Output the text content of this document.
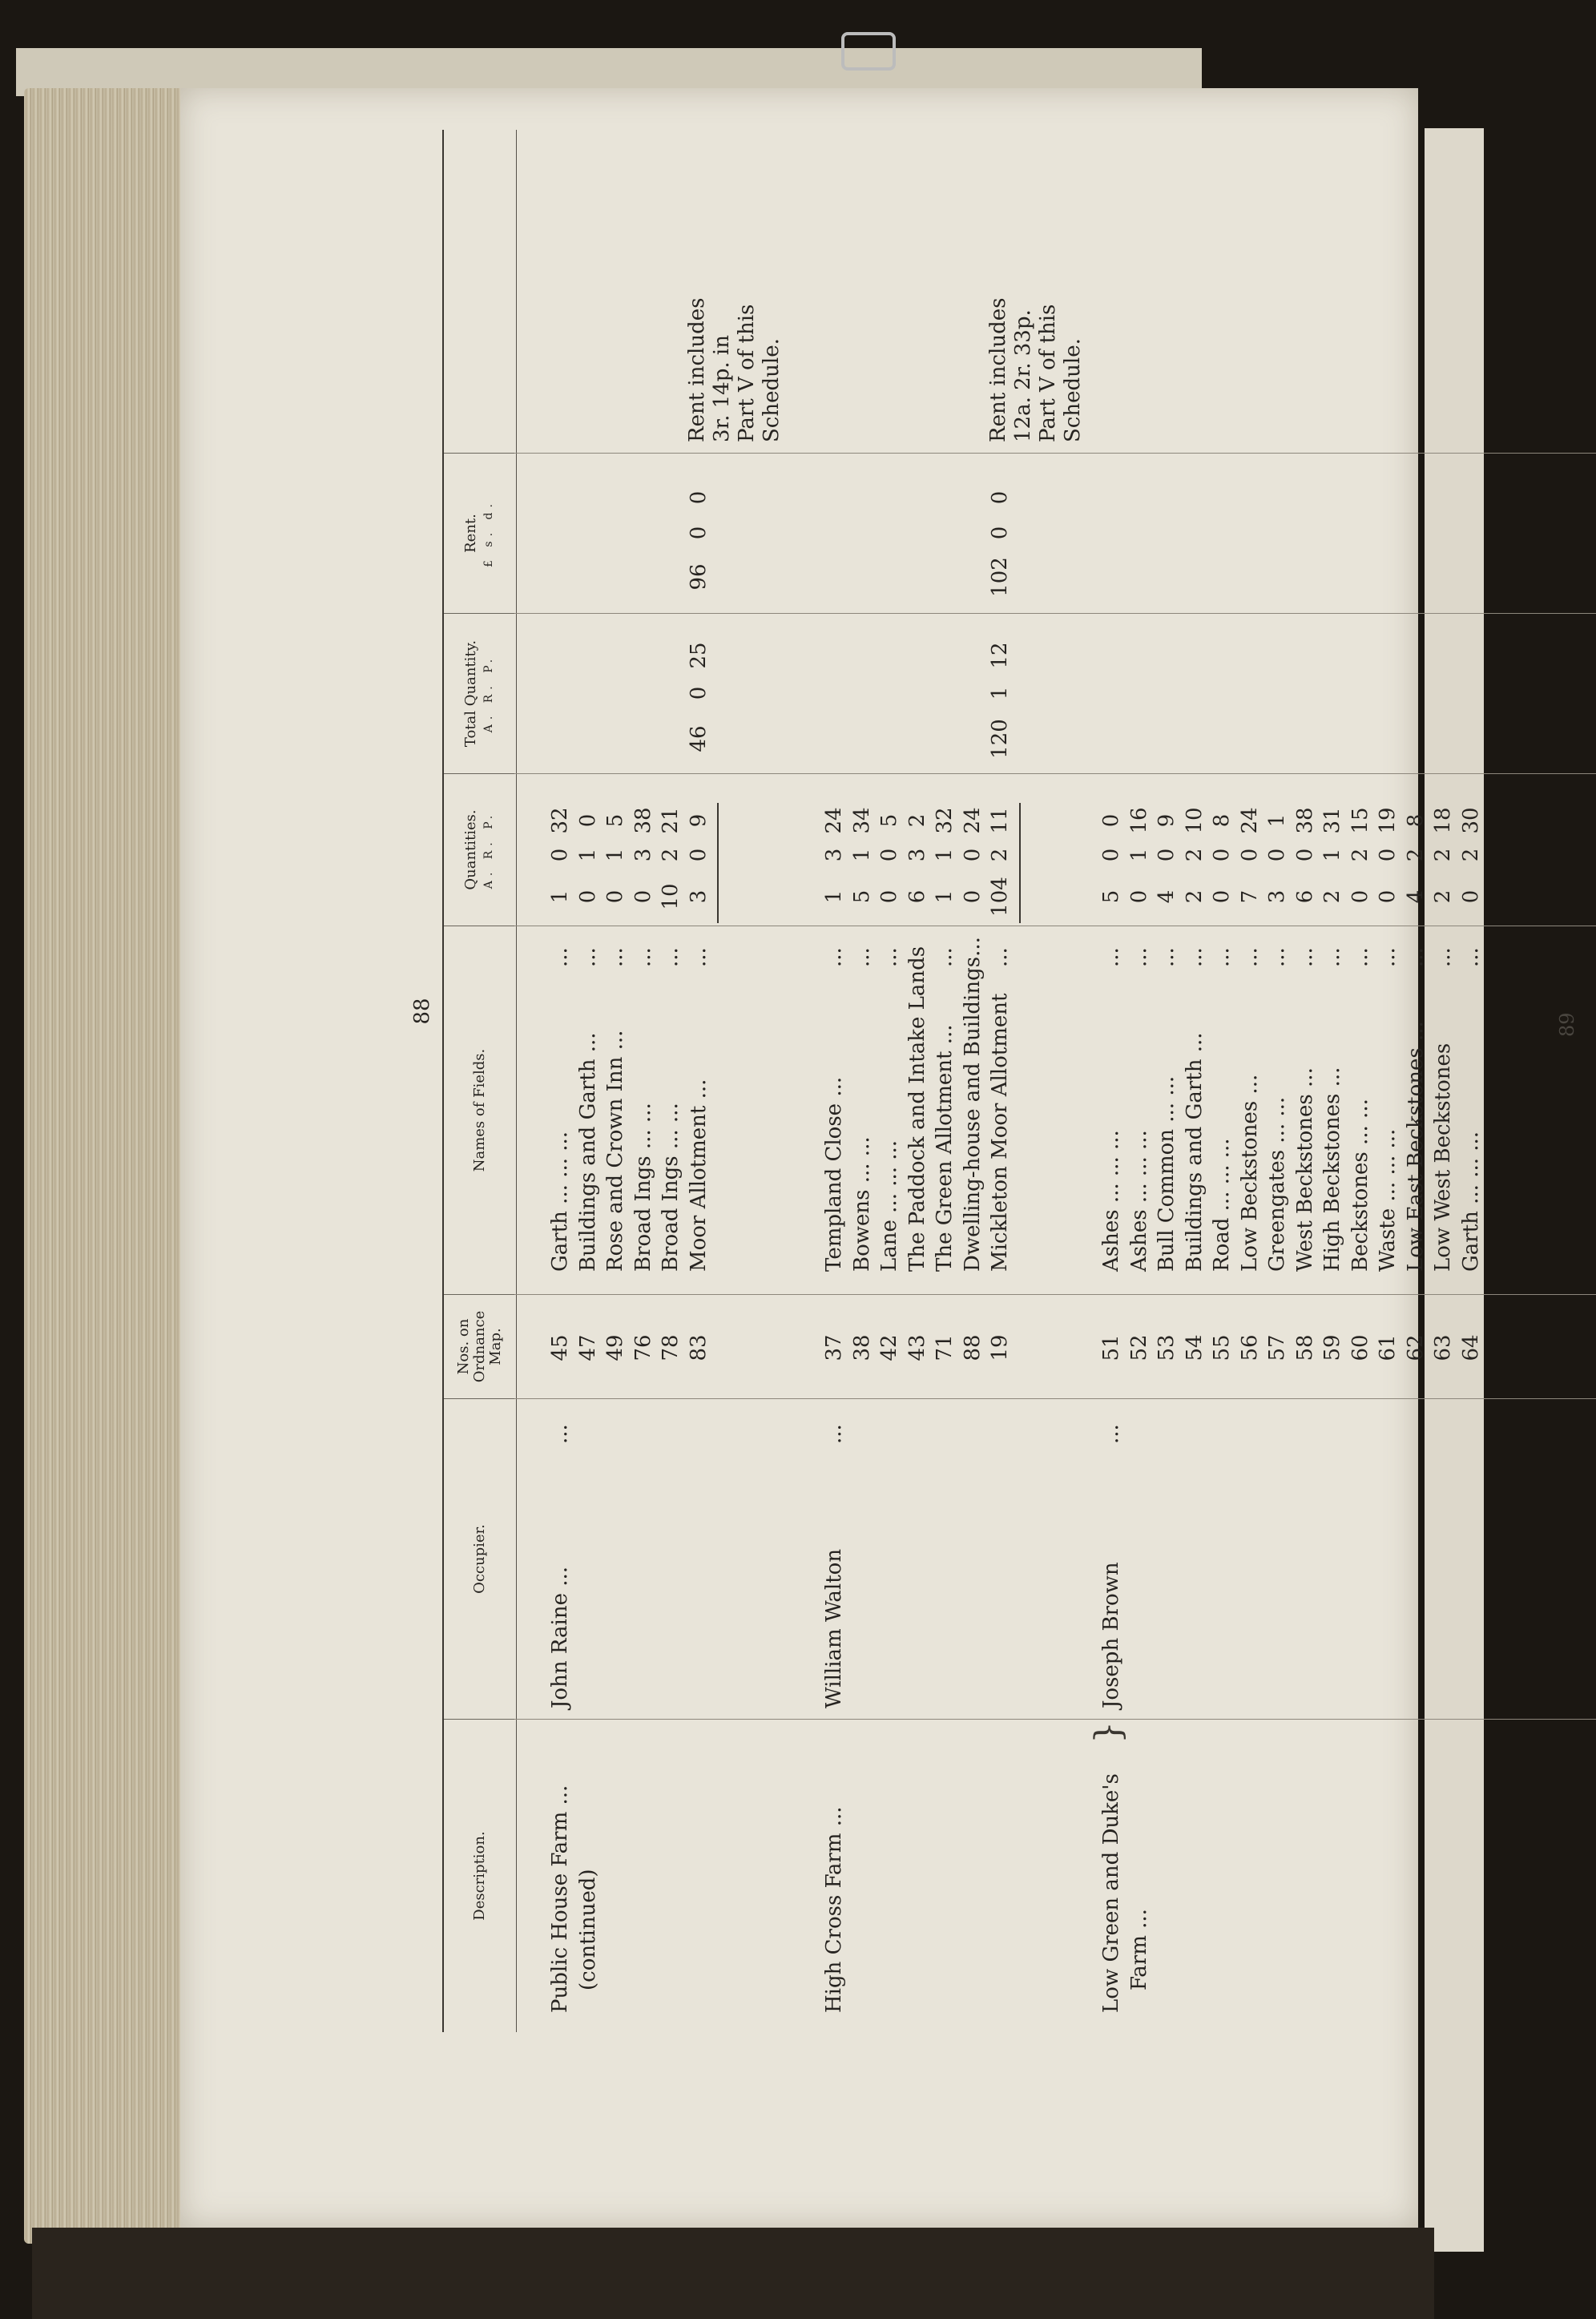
88
Description.
Occupier.
Nos. on Ordnance Map.
Names of Fields.
Quantities. A. R. P.
Total Quantity. A. R. P.
Rent. £ s. d.
Public House Farm ... (continued)
John Raine ...
...
45
Garth ... ... ...
...
1
0
32
47
Buildings and Garth ...
...
0
1
0
49
Rose and Crown Inn ...
...
0
1
5
76
Broad Ings ... ...
...
0
3
38
78
Broad Ings ... ...
...
10
2
21
83
Moor Allotment ...
...
3
0
9
46
0
25
96
0
0
Rent includes 3r. 14p. in Part V of this Schedule.
High Cross Farm ...
William Walton
...
37
Templand Close ...
...
1
3
24
38
Bowens ... ...
...
5
1
34
42
Lane ... ... ...
...
0
0
5
43
The Paddock and Intake Lands
6
3
2
71
The Green Allotment ...
...
1
1
32
88
Dwelling-house and Buildings...
0
0
24
19
Mickleton Moor Allotment
...
104
2
11
120
1
12
102
0
0
Rent includes 12a. 2r. 33p. Part V of this Schedule.
Low Green and Duke's Farm ...
Joseph Brown
...
51
Ashes ... ... ...
...
5
0
0
52
Ashes ... ... ...
...
0
1
16
53
Bull Common ... ...
...
4
0
9
54
Buildings and Garth ...
...
2
2
10
55
Road ... ... ...
...
0
0
8
56
Low Beckstones ...
...
7
0
24
57
Greengates ... ...
...
3
0
1
58
West Beckstones ...
...
6
0
38
59
High Beckstones ...
...
2
1
31
60
Beckstones ... ...
...
0
2
15
61
Waste ... ... ...
...
0
0
19
62
Low East Beckstones ...
...
4
2
8
63
Low West Beckstones
...
2
2
18
64
Garth ... ... ...
...
0
2
30
}
89
